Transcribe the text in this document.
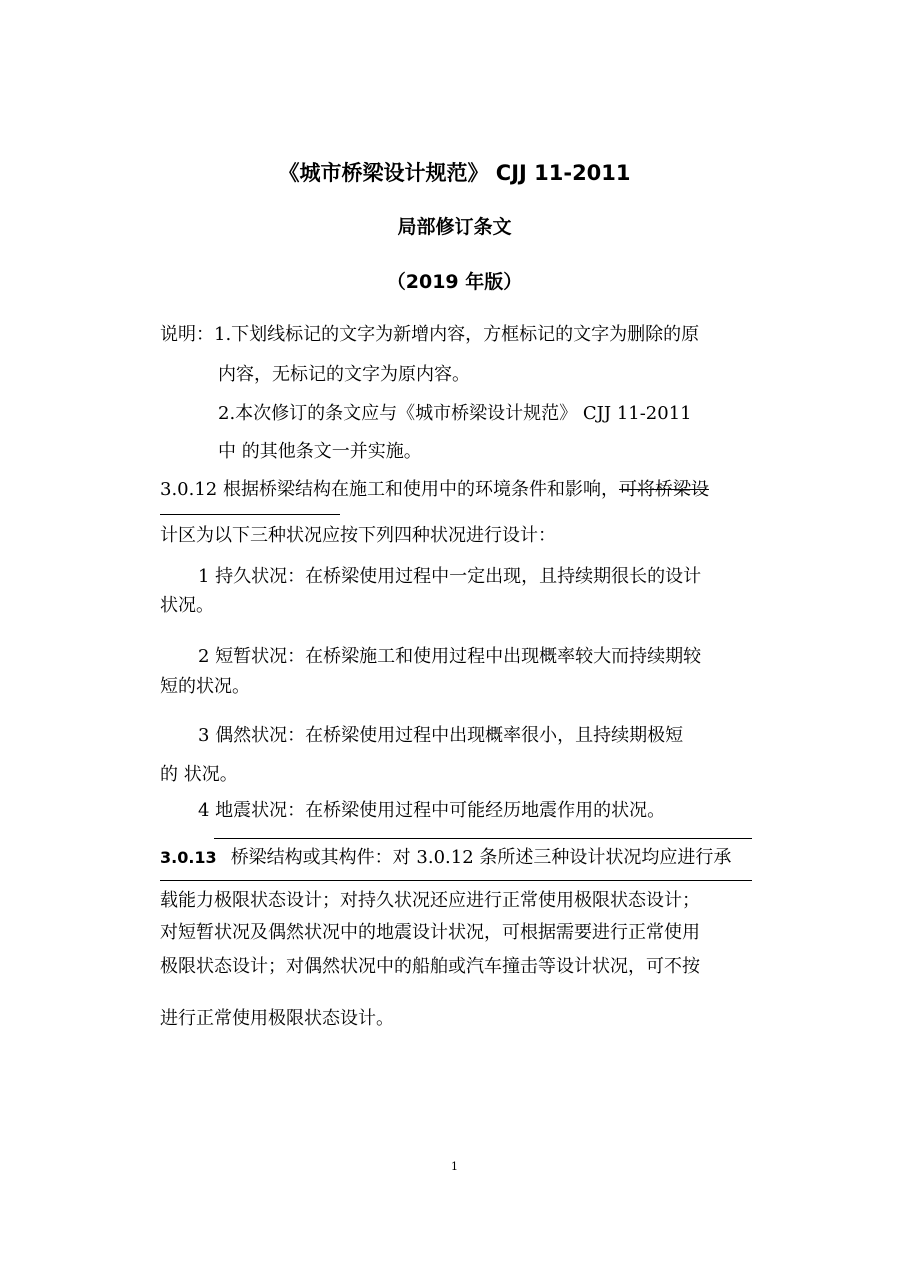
《城市桥梁设计规范》 CJJ 11-2011
局部修订条文
（2019 年版）
说明： 1.下划线标记的文字为新增内容，方框标记的文字为删除的原
内容，无标记的文字为原内容。
2.本次修订的条文应与《城市桥梁设计规范》 CJJ 11-2011
中 的其他条文一并实施。
3.0.12 根据桥梁结构在施工和使用中的环境条件和影响，可将桥梁设
计区为以下三种状况应按下列四种状况进行设计：
1 持久状况：在桥梁使用过程中一定出现，且持续期很长的设计
状况。
2 短暂状况：在桥梁施工和使用过程中出现概率较大而持续期较
短的状况。
3 偶然状况：在桥梁使用过程中出现概率很小，且持续期极短
的 状况。
4 地震状况：在桥梁使用过程中可能经历地震作用的状况。
3.0.13 桥梁结构或其构件：对 3.0.12 条所述三种设计状况均应进行承
载能力极限状态设计；对持久状况还应进行正常使用极限状态设计；
对短暂状况及偶然状况中的地震设计状况，可根据需要进行正常使用
极限状态设计；对偶然状况中的船舶或汽车撞击等设计状况，可不按
进行正常使用极限状态设计。
1
